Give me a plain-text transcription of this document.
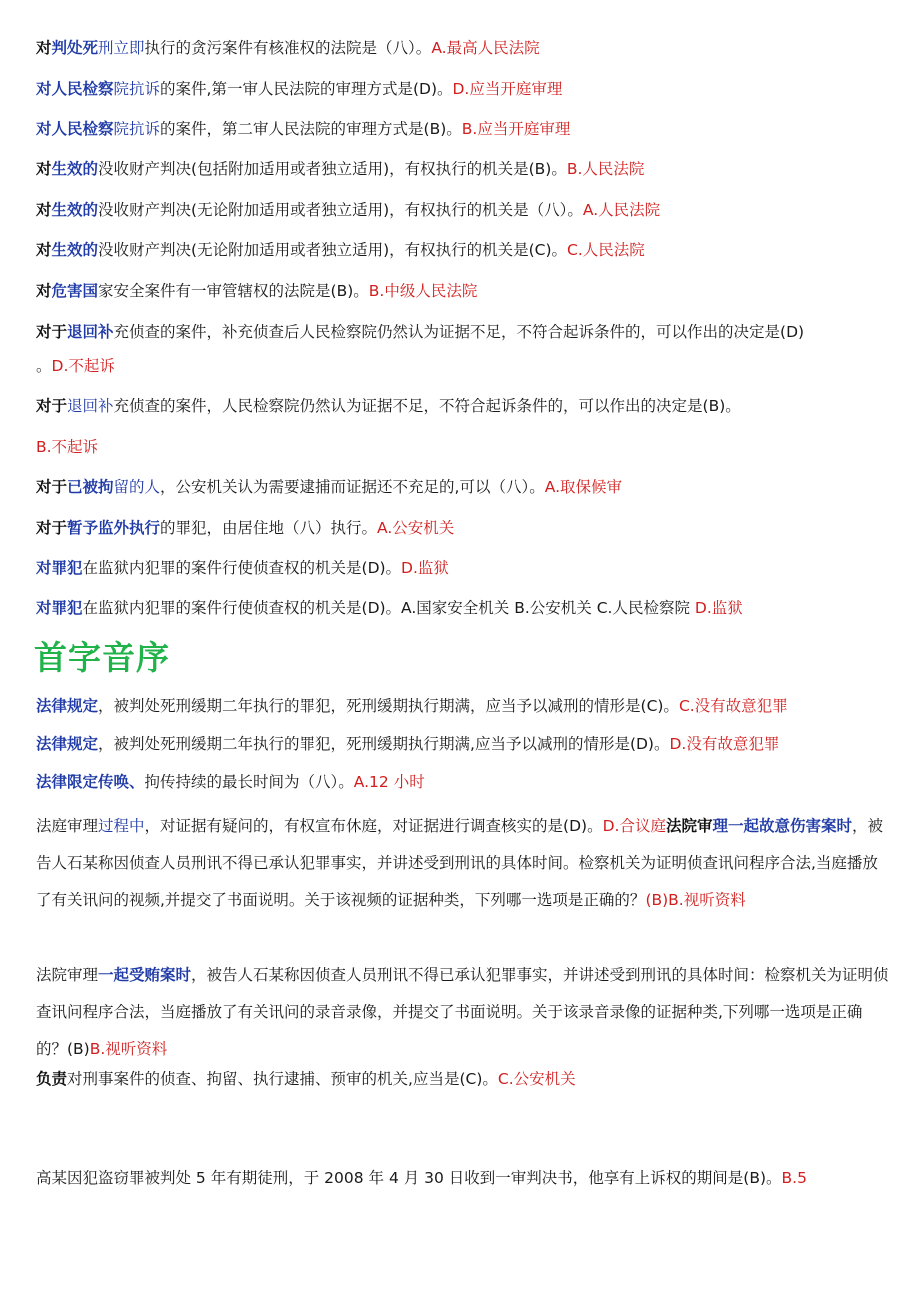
对判处死刑立即执行的贪污案件有核准权的法院是（八）。A.最高人民法院
对人民检察院抗诉的案件,第一审人民法院的审理方式是(D)。D.应当开庭审理
对人民检察院抗诉的案件，第二审人民法院的审理方式是(B)。B.应当开庭审理
对生效的没收财产判决(包括附加适用或者独立适用)，有权执行的机关是(B)。B.人民法院
对生效的没收财产判决(无论附加适用或者独立适用)，有权执行的机关是（八）。A.人民法院
对生效的没收财产判决(无论附加适用或者独立适用)，有权执行的机关是(C)。C.人民法院
对危害国家安全案件有一审管辖权的法院是(B)。B.中级人民法院
对于退回补充侦查的案件，补充侦查后人民检察院仍然认为证据不足，不符合起诉条件的，可以作出的决定是(D)
。D.不起诉
对于退回补充侦查的案件，人民检察院仍然认为证据不足，不符合起诉条件的，可以作出的决定是(B)。
B.不起诉
对于已被拘留的人，公安机关认为需要逮捕而证据还不充足的,可以（八）。A.取保候审
对于暂予监外执行的罪犯，由居住地（八）执行。A.公安机关
对罪犯在监狱内犯罪的案件行使侦查权的机关是(D)。D.监狱
对罪犯在监狱内犯罪的案件行使侦查权的机关是(D)。A.国家安全机关 B.公安机关 C.人民检察院 D.监狱
首字音序
法律规定，被判处死刑缓期二年执行的罪犯，死刑缓期执行期满，应当予以减刑的情形是(C)。C.没有故意犯罪
法律规定，被判处死刑缓期二年执行的罪犯，死刑缓期执行期满,应当予以减刑的情形是(D)。D.没有故意犯罪
法律限定传唤、拘传持续的最长时间为（八）。A.12 小时
法庭审理过程中，对证据有疑问的，有权宣布休庭，对证据进行调查核实的是(D)。D.合议庭法院审理一起故意伤害案时，被告人石某称因侦查人员刑讯不得已承认犯罪事实，并讲述受到刑讯的具体时间。检察机关为证明侦查讯问程序合法,当庭播放了有关讯问的视频,并提交了书面说明。关于该视频的证据种类，下列哪一选项是正确的？(B)B.视听资料
法院审理一起受贿案时，被告人石某称因侦查人员刑讯不得已承认犯罪事实，并讲述受到刑讯的具体时间：检察机关为证明侦查讯问程序合法，当庭播放了有关讯问的录音录像，并提交了书面说明。关于该录音录像的证据种类,下列哪一选项是正确的？(B)B.视听资料
负责对刑事案件的侦查、拘留、执行逮捕、预审的机关,应当是(C)。C.公安机关
高某因犯盗窃罪被判处 5 年有期徒刑，于 2008 年 4 月 30 日收到一审判决书，他享有上诉权的期间是(B)。B.5
